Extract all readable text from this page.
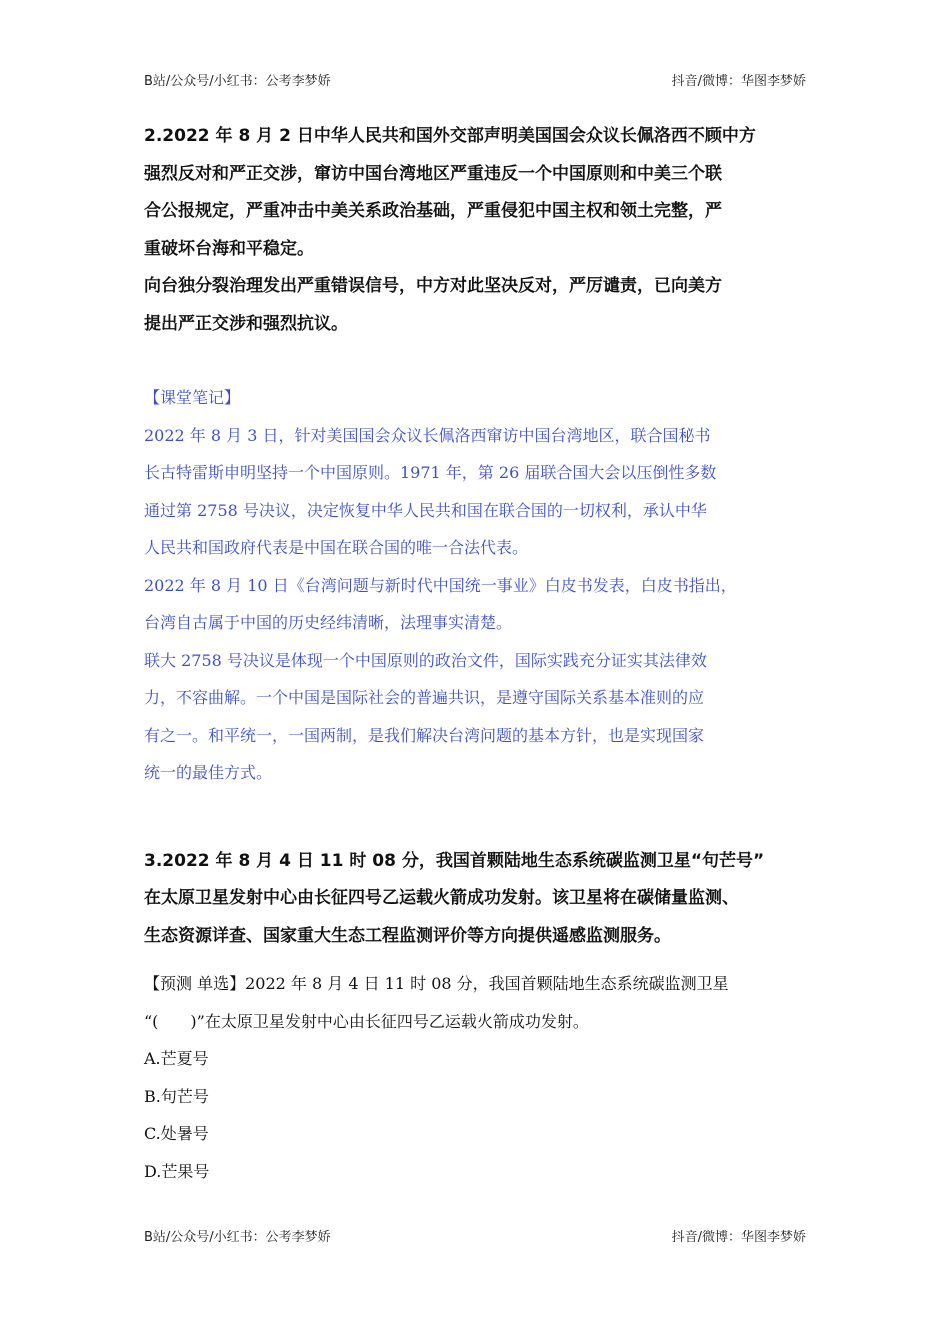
B站/公众号/小红书：公考李梦娇	抖音/微博：华图李梦娇

2.2022 年 8 月 2 日中华人民共和国外交部声明美国国会众议长佩洛西不顾中方

强烈反对和严正交涉，窜访中国台湾地区严重违反一个中国原则和中美三个联

合公报规定，严重冲击中美关系政治基础，严重侵犯中国主权和领土完整，严

重破坏台海和平稳定。

向台独分裂治理发出严重错误信号，中方对此坚决反对，严厉谴责，已向美方

提出严正交涉和强烈抗议。

【课堂笔记】

2022 年 8 月 3 日，针对美国国会众议长佩洛西窜访中国台湾地区，联合国秘书

长古特雷斯申明坚持一个中国原则。1971 年，第 26 届联合国大会以压倒性多数

通过第 2758 号决议，决定恢复中华人民共和国在联合国的一切权利，承认中华

人民共和国政府代表是中国在联合国的唯一合法代表。

2022 年 8 月 10 日《台湾问题与新时代中国统一事业》白皮书发表，白皮书指出，

台湾自古属于中国的历史经纬清晰，法理事实清楚。

联大 2758 号决议是体现一个中国原则的政治文件，国际实践充分证实其法律效

力，不容曲解。一个中国是国际社会的普遍共识，是遵守国际关系基本准则的应

有之一。和平统一，一国两制，是我们解决台湾问题的基本方针，也是实现国家

统一的最佳方式。

3.2022 年 8 月 4 日 11 时 08 分，我国首颗陆地生态系统碳监测卫星“句芒号”

在太原卫星发射中心由长征四号乙运载火箭成功发射。该卫星将在碳储量监测、

生态资源详查、国家重大生态工程监测评价等方向提供遥感监测服务。

【预测 单选】2022 年 8 月 4 日 11 时 08 分，我国首颗陆地生态系统碳监测卫星

“(　　)”在太原卫星发射中心由长征四号乙运载火箭成功发射。

A.芒夏号

B.句芒号

C.处暑号

D.芒果号

B站/公众号/小红书：公考李梦娇	抖音/微博：华图李梦娇
